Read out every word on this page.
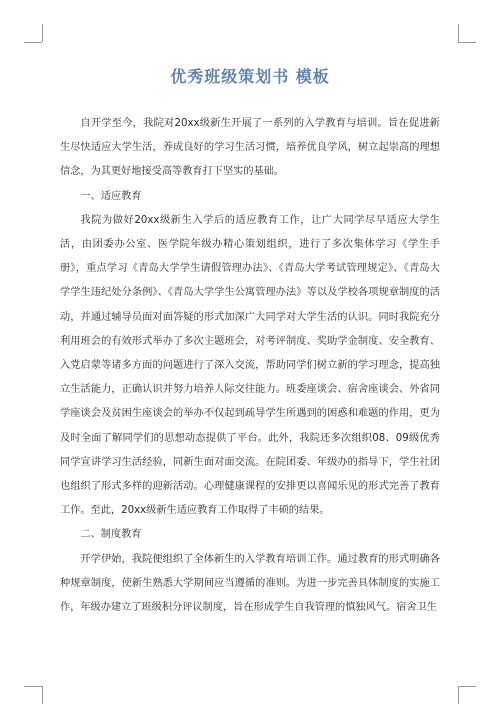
优秀班级策划书 模板

自开学至今，我院对20xx级新生开展了一系列的入学教育与培训。旨在促进新生尽快适应大学生活，养成良好的学习生活习惯，培养优良学风，树立起崇高的理想信念，为其更好地接受高等教育打下坚实的基础。

一、适应教育

我院为做好20xx级新生入学后的适应教育工作，让广大同学尽早适应大学生活，由团委办公室、医学院年级办精心策划组织，进行了多次集体学习《学生手册》，重点学习《青岛大学学生请假管理办法》、《青岛大学考试管理规定》、《青岛大学学生违纪处分条例》、《青岛大学学生公寓管理办法》等以及学校各项规章制度的活动，并通过辅导员面对面答疑的形式加深广大同学对大学生活的认识。同时我院充分利用班会的有效形式举办了多次主题班会，对考评制度、奖助学金制度、安全教育、入党启蒙等诸多方面的问题进行了深入交流，帮助同学们树立新的学习理念，提高独立生活能力，正确认识并努力培养人际交往能力。班委座谈会、宿舍座谈会、外省同学座谈会及贫困生座谈会的举办不仅起到疏导学生所遇到的困惑和难题的作用，更为及时全面了解同学们的思想动态提供了平台。此外，我院还多次组织08、09级优秀同学宣讲学习生活经验，同新生面对面交流。在院团委、年级办的指导下，学生社团也组织了形式多样的迎新活动。心理健康课程的安排更以喜闻乐见的形式完善了教育工作。至此，20xx级新生适应教育工作取得了丰硕的结果。

二、制度教育

开学伊始，我院便组织了全体新生的入学教育培训工作。通过教育的形式明确各种规章制度，使新生熟悉大学期间应当遵循的准则。为进一步完善具体制度的实施工作，年级办建立了班级积分评议制度，旨在形成学生自我管理的慎独风气。宿舍卫生
